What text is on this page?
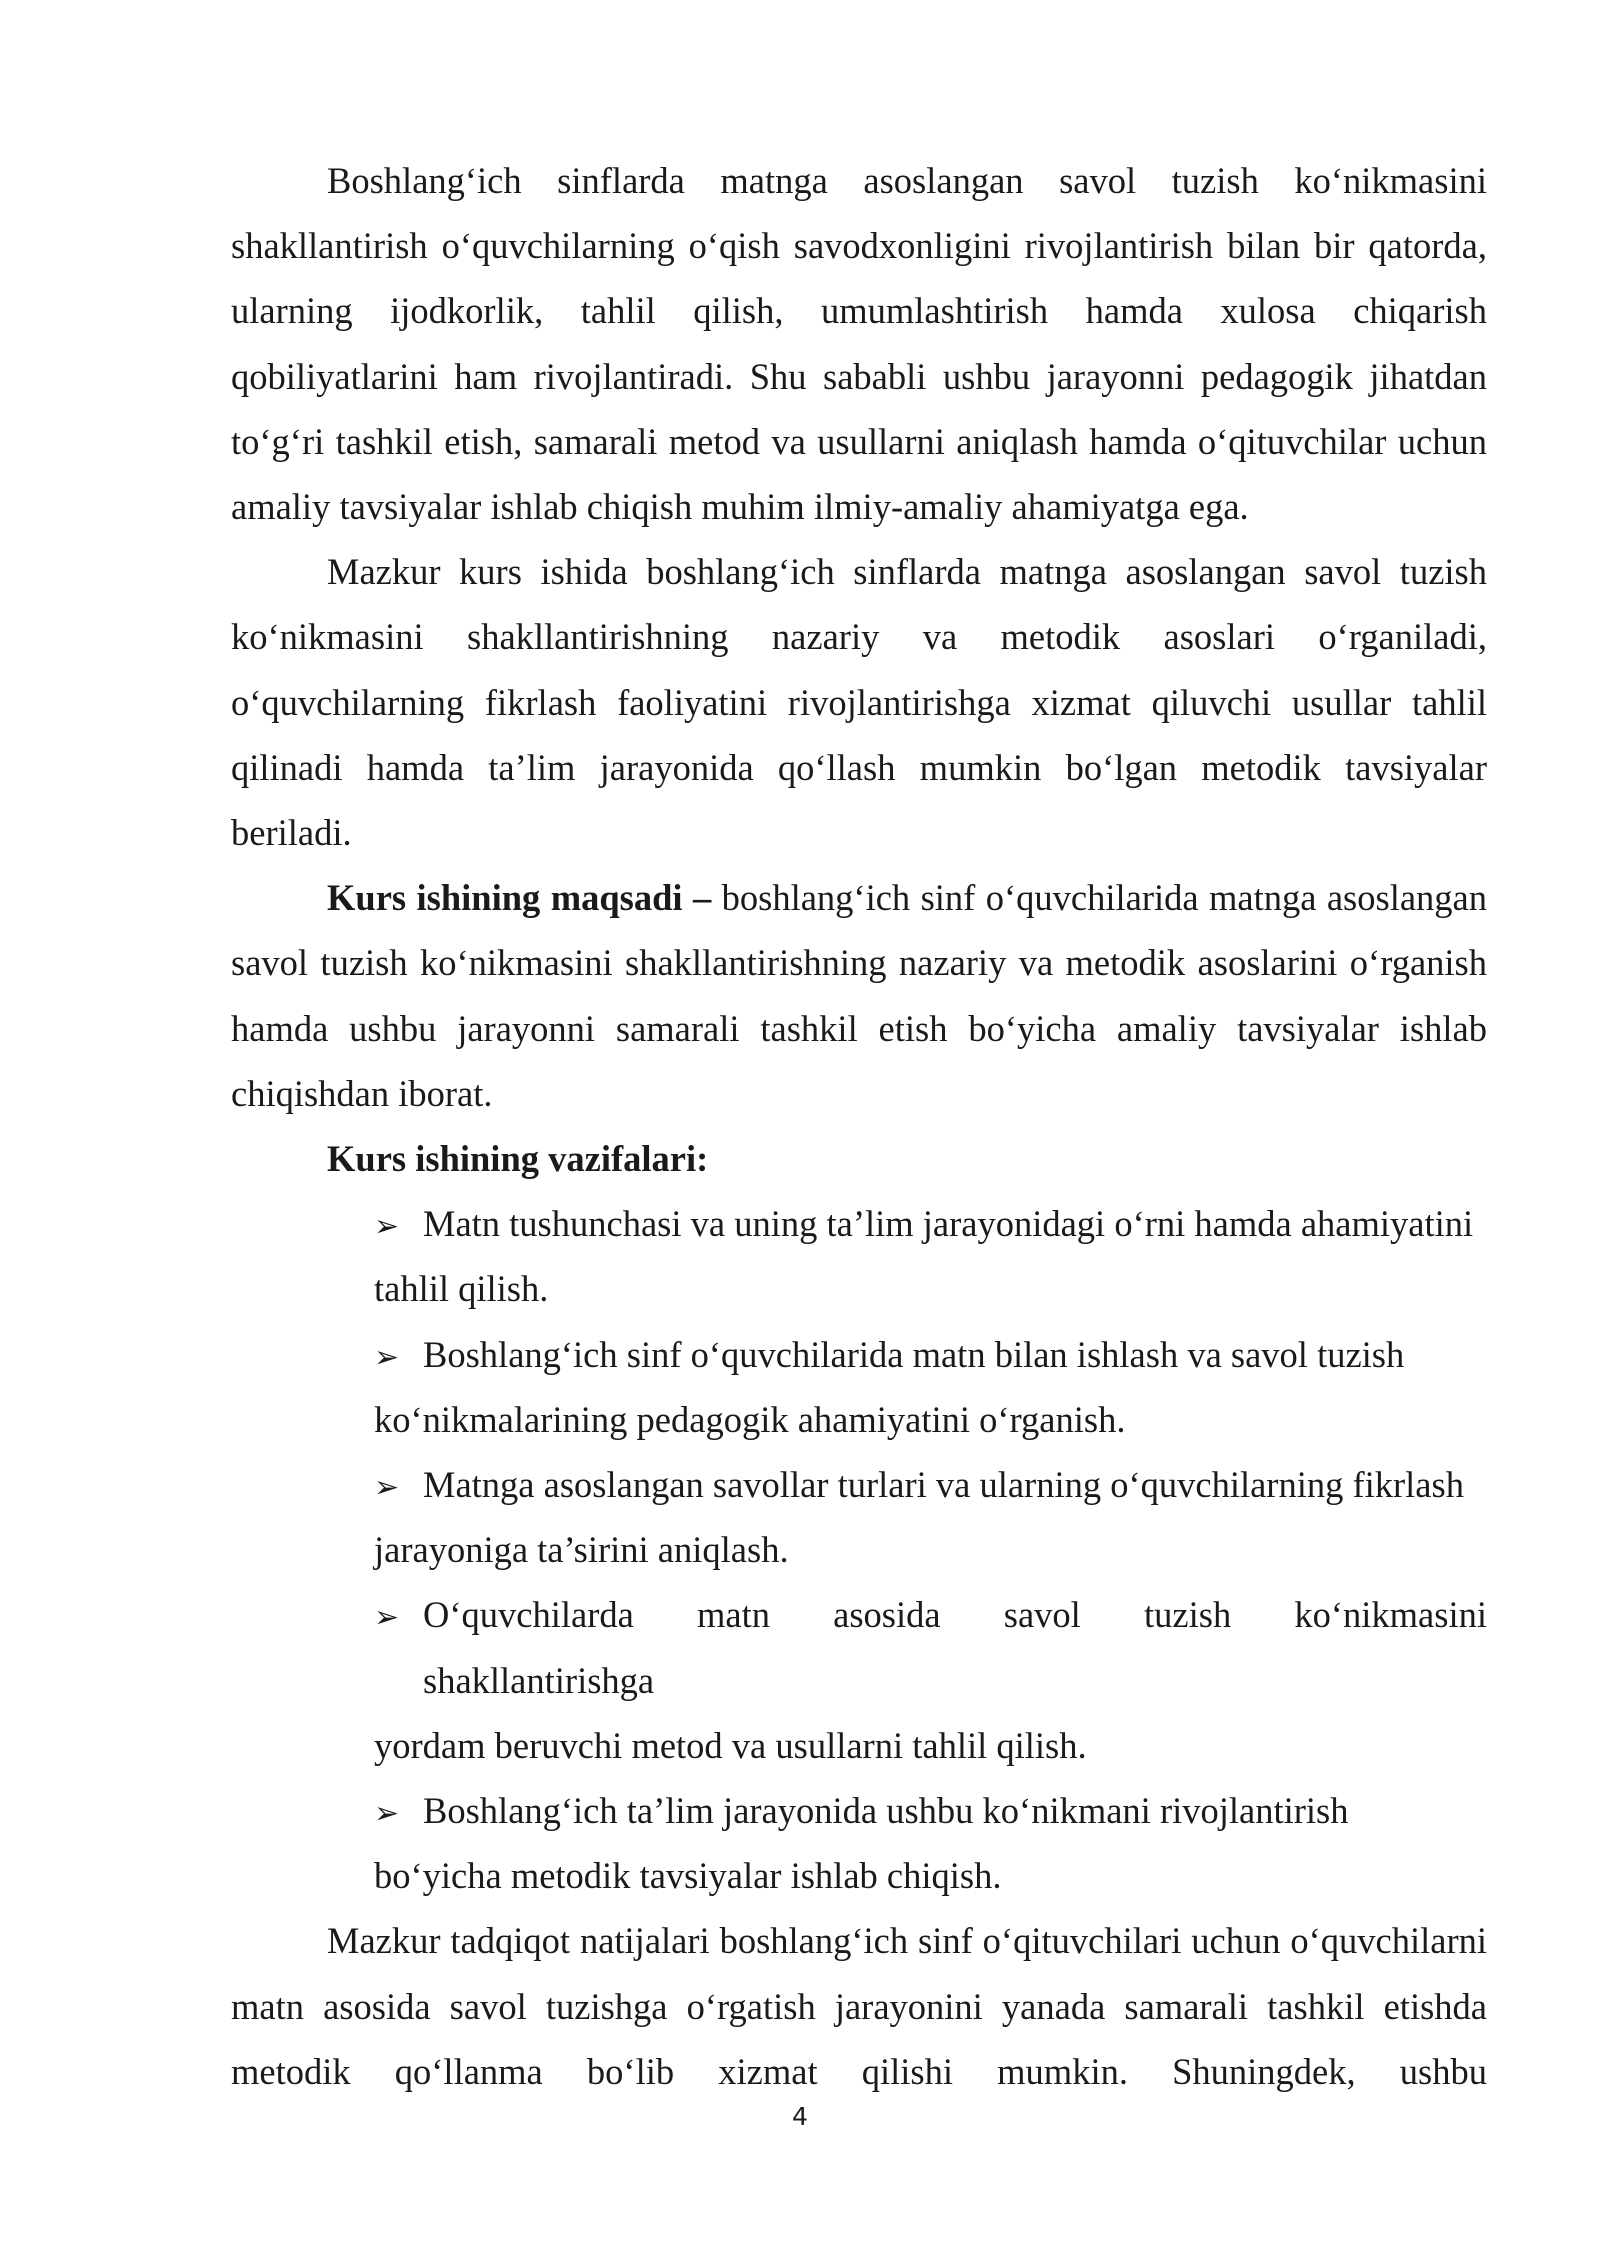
Boshlang‘ich sinflarda matnga asoslangan savol tuzish ko‘nikmasini shakllantirish o‘quvchilarning o‘qish savodxonligini rivojlantirish bilan bir qatorda, ularning ijodkorlik, tahlil qilish, umumlashtirish hamda xulosa chiqarish qobiliyatlarini ham rivojlantiradi. Shu sababli ushbu jarayonni pedagogik jihatdan to‘g‘ri tashkil etish, samarali metod va usullarni aniqlash hamda o‘qituvchilar uchun amaliy tavsiyalar ishlab chiqish muhim ilmiy-amaliy ahamiyatga ega.

Mazkur kurs ishida boshlang‘ich sinflarda matnga asoslangan savol tuzish ko‘nikmasini shakllantirishning nazariy va metodik asoslari o‘rganiladi, o‘quvchilarning fikrlash faoliyatini rivojlantirishga xizmat qiluvchi usullar tahlil qilinadi hamda ta’lim jarayonida qo‘llash mumkin bo‘lgan metodik tavsiyalar beriladi.

Kurs ishining maqsadi – boshlang‘ich sinf o‘quvchilarida matnga asoslangan savol tuzish ko‘nikmasini shakllantirishning nazariy va metodik asoslarini o‘rganish hamda ushbu jarayonni samarali tashkil etish bo‘yicha amaliy tavsiyalar ishlab chiqishdan iborat.

Kurs ishining vazifalari:

➢ Matn tushunchasi va uning ta’lim jarayonidagi o‘rni hamda ahamiyatini
tahlil qilish.
➢ Boshlang‘ich sinf o‘quvchilarida matn bilan ishlash va savol tuzish
ko‘nikmalarining pedagogik ahamiyatini o‘rganish.
➢ Matnga asoslangan savollar turlari va ularning o‘quvchilarning fikrlash
jarayoniga ta’sirini aniqlash.
➢ O‘quvchilarda matn asosida savol tuzish ko‘nikmasini
shakllantirishga
yordam beruvchi metod va usullarni tahlil qilish.
➢ Boshlang‘ich ta’lim jarayonida ushbu ko‘nikmani rivojlantirish
bo‘yicha metodik tavsiyalar ishlab chiqish.

Mazkur tadqiqot natijalari boshlang‘ich sinf o‘qituvchilari uchun o‘quvchilarni matn asosida savol tuzishga o‘rgatish jarayonini yanada samarali tashkil etishda metodik qo‘llanma bo‘lib xizmat qilishi mumkin. Shuningdek, ushbu

4
